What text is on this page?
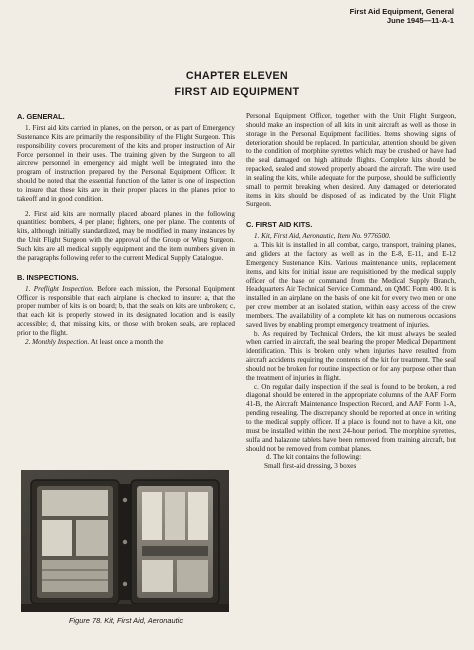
First Aid Equipment, General
June 1945—11-A-1
CHAPTER ELEVEN
FIRST AID EQUIPMENT
A. GENERAL.

1. First aid kits carried in planes, on the person, or as part of Emergency Sustenance Kits are primarily the responsibility of the Flight Surgeon. This responsibility covers procurement of the kits and proper instruction of Air Force personnel in their uses. The training given by the Surgeon to all aircrew personnel in emergency aid might well be integrated into the program of instruction prepared by the Personal Equipment Officer. It should be noted that the essential function of the latter is one of inspection to insure that these kits are in their proper places in the planes prior to takeoff and in good condition.

2. First aid kits are normally placed aboard planes in the following quantities: bombers, 4 per plane; fighters, one per plane. The contents of kits, although initially standardized, may be modified in many instances by the Unit Flight Surgeon with the approval of the Group or Wing Surgeon. Such kits are all medical supply equipment and the item numbers given in the paragraphs following refer to the current Medical Supply Catalogue.

B. INSPECTIONS.

1. Preflight Inspection. Before each mission, the Personal Equipment Officer is responsible that each airplane is checked to insure: a, that the proper number of kits is on board; b, that the seals on kits are unbroken; c, that each kit is properly stowed in its designated location and is easily accessible; d, that missing kits, or those with broken seals, are replaced prior to the flight.

2. Monthly Inspection. At least once a month the

Figure 78. Kit, First Aid, Aeronautic

Personal Equipment Officer, together with the Unit Flight Surgeon, should make an inspection of all kits in unit aircraft as well as those in storage in the Personal Equipment facilities. Items showing signs of deterioration should be replaced. In particular, attention should be given to the condition of morphine syrettes which may be crushed or have had the seal damaged on high altitude flights. Complete kits should be repacked, sealed and stowed properly aboard the aircraft. The wire used in sealing the kits, while adequate for the purpose, should be sufficiently small to permit breaking when desired. Any damaged or deteriorated items in kits should be disposed of as indicated by the Unit Flight Surgeon.

C. FIRST AID KITS.

1. Kit, First Aid, Aeronautic, Item No. 9776500.

a. This kit is installed in all combat, cargo, transport, training planes, and gliders at the factory as well as in the E-8, E-11, and E-12 Emergency Sustenance Kits. Various maintenance units, replacement items, and kits for initial issue are requisitioned by the medical supply officer of the base or command from the Medical Supply Branch, Headquarters Air Technical Service Command, on QMC Form 400. It is installed in an airplane on the basis of one kit for every two men or one per crew member at an isolated station, within easy access of the crew members. The availability of a complete kit has on numerous occasions saved lives by enabling prompt emergency treatment of injuries.

b. As required by Technical Orders, the kit must always be sealed when carried in aircraft, the seal bearing the proper Medical Department identification. This is broken only when injuries have resulted from aircraft accidents requiring the contents of the kit for treatment. The seal should not be broken for routine inspection or for any purpose other than the treatment of injuries in flight.

c. On regular daily inspection if the seal is found to be broken, a red diagonal should be entered in the appropriate columns of the AAF Form 41-B, the Aircraft Maintenance Inspection Record, and AAF Form 1-A, pending resealing. The discrepancy should be reported at once in writing to the medical supply officer. If a place is found not to have a kit, one must be installed within the next 24-hour period. The morphine syrettes, sulfa and halazone tablets have been removed from training aircraft, but should not be removed from combat planes.

d. The kit contains the following:

Small first-aid dressing, 3 boxes
